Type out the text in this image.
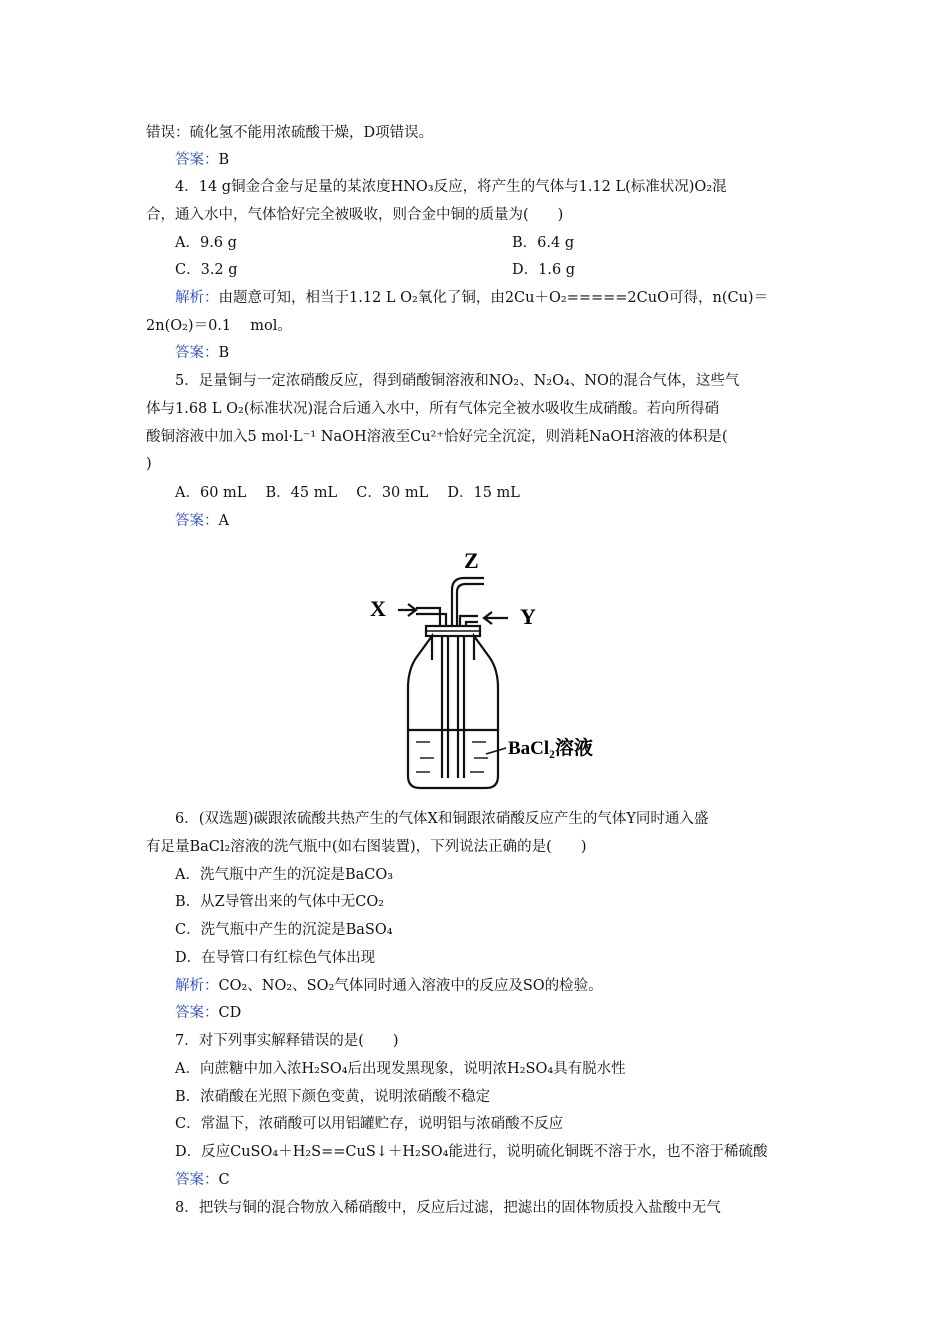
错误：硫化氢不能用浓硫酸干燥，D项错误。
答案：B
4．14 g铜金合金与足量的某浓度HNO₃反应，将产生的气体与1.12 L(标准状况)O₂混
合，通入水中，气体恰好完全被吸收，则合金中铜的质量为(　　)
A．9.6 g	B．6.4 g
C．3.2 g	D．1.6 g
解析：由题意可知，相当于1.12 L O₂氧化了铜，由2Cu＋O₂=====2CuO可得，n(Cu)＝
2n(O₂)＝0.1　 mol。
答案：B
5．足量铜与一定浓硝酸反应，得到硝酸铜溶液和NO₂、N₂O₄、NO的混合气体，这些气
体与1.68 L O₂(标准状况)混合后通入水中，所有气体完全被水吸收生成硝酸。若向所得硝
酸铜溶液中加入5 mol·L⁻¹ NaOH溶液至Cu²⁺恰好完全沉淀，则消耗NaOH溶液的体积是(
)
A．60 mL　 B．45 mL　 C．30 mL　 D．15 mL
答案：A
X	Y
Z
BaCl₂溶液
6．(双选题)碳跟浓硫酸共热产生的气体X和铜跟浓硝酸反应产生的气体Y同时通入盛
有足量BaCl₂溶液的洗气瓶中(如右图装置)，下列说法正确的是(　　)
A．洗气瓶中产生的沉淀是BaCO₃
B．从Z导管出来的气体中无CO₂
C．洗气瓶中产生的沉淀是BaSO₄
D．在导管口有红棕色气体出现
解析：CO₂、NO₂、SO₂气体同时通入溶液中的反应及SO的检验。
答案：CD
7．对下列事实解释错误的是(　　)
A．向蔗糖中加入浓H₂SO₄后出现发黑现象，说明浓H₂SO₄具有脱水性
B．浓硝酸在光照下颜色变黄，说明浓硝酸不稳定
C．常温下，浓硝酸可以用铝罐贮存，说明铝与浓硝酸不反应
D．反应CuSO₄＋H₂S==CuS↓＋H₂SO₄能进行，说明硫化铜既不溶于水，也不溶于稀硫酸
答案：C
8．把铁与铜的混合物放入稀硝酸中，反应后过滤，把滤出的固体物质投入盐酸中无气
